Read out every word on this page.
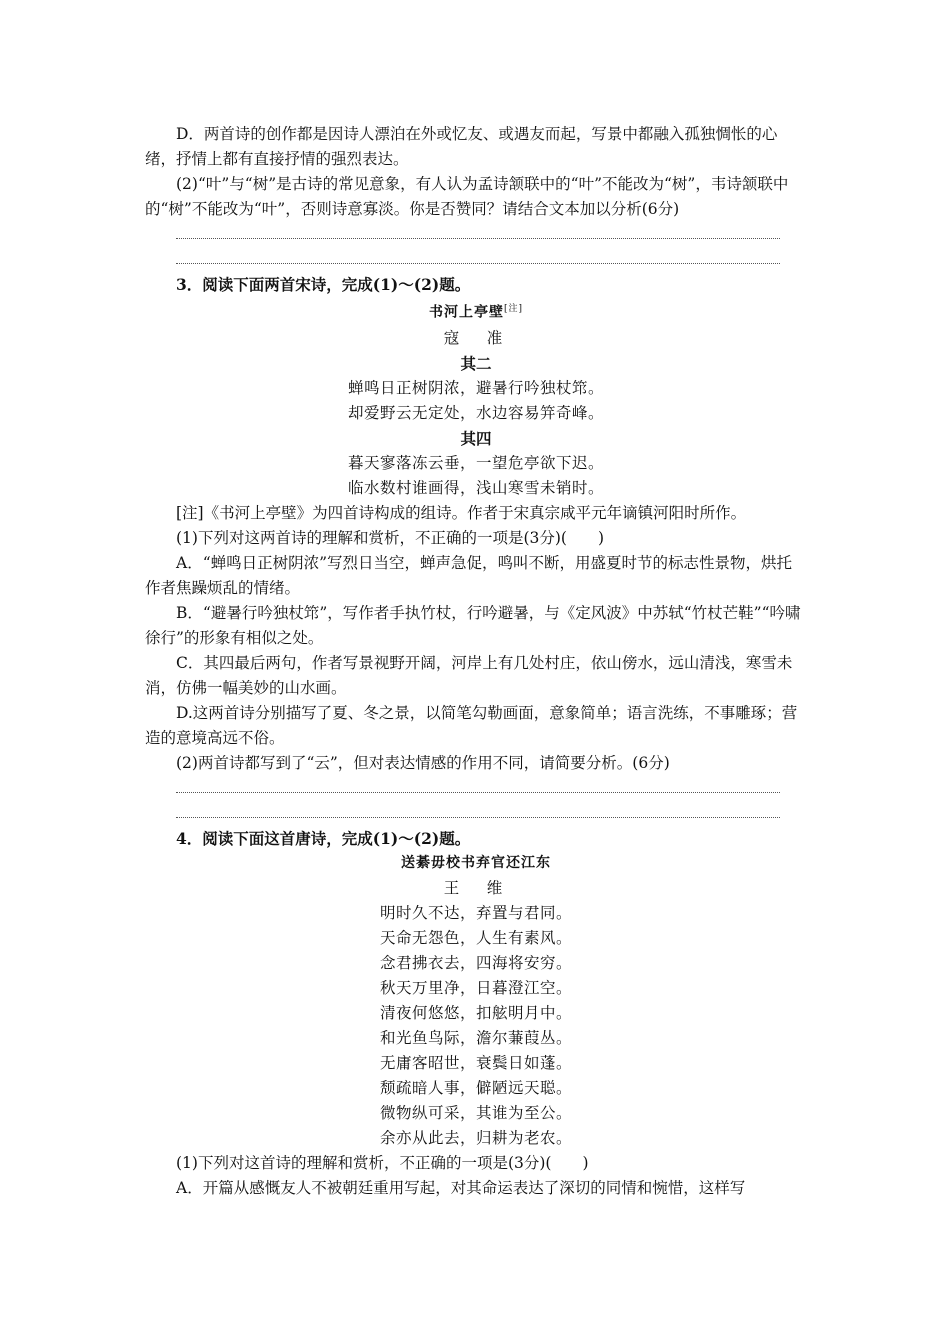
D．两首诗的创作都是因诗人漂泊在外或忆友、或遇友而起，写景中都融入孤独惆怅的心绪，抒情上都有直接抒情的强烈表达。

(2)“叶”与“树”是古诗的常见意象，有人认为孟诗颔联中的“叶”不能改为“树”，韦诗颔联中的“树”不能改为“叶”，否则诗意寡淡。你是否赞同？请结合文本加以分析(6分)

3．阅读下面两首宋诗，完成(1)～(2)题。

书河上亭壁[注]

寇　准

其二

蝉鸣日正树阴浓，避暑行吟独杖筇。

却爱野云无定处，水边容易笄奇峰。

其四

暮天寥落冻云垂，一望危亭欲下迟。

临水数村谁画得，浅山寒雪未销时。

[注]《书河上亭壁》为四首诗构成的组诗。作者于宋真宗咸平元年谪镇河阳时所作。

(1)下列对这两首诗的理解和赏析，不正确的一项是(3分)(　　)

A．“蝉鸣日正树阴浓”写烈日当空，蝉声急促，鸣叫不断，用盛夏时节的标志性景物，烘托作者焦躁烦乱的情绪。

B．“避暑行吟独杖筇”，写作者手执竹杖，行吟避暑，与《定风波》中苏轼“竹杖芒鞋”“吟啸徐行”的形象有相似之处。

C．其四最后两句，作者写景视野开阔，河岸上有几处村庄，依山傍水，远山清浅，寒雪未消，仿佛一幅美妙的山水画。

D.这两首诗分别描写了夏、冬之景，以简笔勾勒画面，意象简单；语言洗练，不事雕琢；营造的意境高远不俗。

(2)两首诗都写到了“云”，但对表达情感的作用不同，请简要分析。(6分)

4．阅读下面这首唐诗，完成(1)～(2)题。

送綦毋校书弃官还江东

王　维

明时久不达，弃置与君同。

天命无怨色，人生有素风。

念君拂衣去，四海将安穷。

秋天万里净，日暮澄江空。

清夜何悠悠，扣舷明月中。

和光鱼鸟际，澹尔蒹葭丛。

无庸客昭世，衰鬓日如蓬。

颓疏暗人事，僻陋远天聪。

微物纵可采，其谁为至公。

余亦从此去，归耕为老农。

(1)下列对这首诗的理解和赏析，不正确的一项是(3分)(　　)

A．开篇从感慨友人不被朝廷重用写起，对其命运表达了深切的同情和惋惜，这样写
